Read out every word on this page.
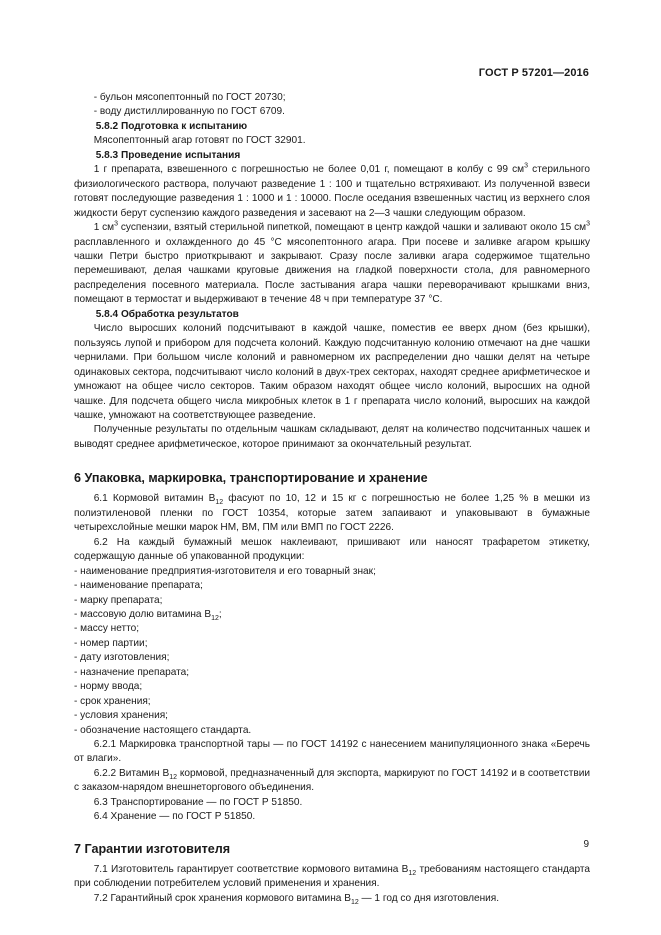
ГОСТ Р 57201—2016

- бульон мясопептонный по ГОСТ 20730;

- воду дистиллированную по ГОСТ 6709.

5.8.2 Подготовка к испытанию

Мясопептонный агар готовят по ГОСТ 32901.

5.8.3 Проведение испытания

1 г препарата, взвешенного с погрешностью не более 0,01 г, помещают в колбу с 99 $см^3$ стерильного физиологического раствора, получают разведение 1 : 100 и тщательно встряхивают. Из полученной взвеси готовят последующие разведения 1 : 1000 и 1 : 10000. После оседания взвешенных частиц из верхнего слоя жидкости берут суспензию каждого разведения и засевают на 2—3 чашки следующим образом.

1 $см^3$ суспензии, взятый стерильной пипеткой, помещают в центр каждой чашки и заливают около 15 $см^3$ расплавленного и охлажденного до 45 °С мясопептонного агара. При посеве и заливке агаром крышку чашки Петри быстро приоткрывают и закрывают. Сразу после заливки агара содержимое тщательно перемешивают, делая чашками круговые движения на гладкой поверхности стола, для равномерного распределения посевного материала. После застывания агара чашки переворачивают крышками вниз, помещают в термостат и выдерживают в течение 48 ч при температуре 37 °С.

5.8.4 Обработка результатов

Число выросших колоний подсчитывают в каждой чашке, поместив ее вверх дном (без крышки), пользуясь лупой и прибором для подсчета колоний. Каждую подсчитанную колонию отмечают на дне чашки чернилами. При большом числе колоний и равномерном их распределении дно чашки делят на четыре одинаковых сектора, подсчитывают число колоний в двух-трех секторах, находят среднее арифметическое и умножают на общее число секторов. Таким образом находят общее число колоний, выросших на одной чашке. Для подсчета общего числа микробных клеток в 1 г препарата число колоний, выросших на каждой чашке, умножают на соответствующее разведение.

Полученные результаты по отдельным чашкам складывают, делят на количество подсчитанных чашек и выводят среднее арифметическое, которое принимают за окончательный результат.

6 Упаковка, маркировка, транспортирование и хранение

6.1 Кормовой витамин $В_{12}$ фасуют по 10, 12 и 15 кг с погрешностью не более 1,25 % в мешки из полиэтиленовой пленки по ГОСТ 10354, которые затем запаивают и упаковывают в бумажные четырехслойные мешки марок НМ, ВМ, ПМ или ВМП по ГОСТ 2226.

6.2 На каждый бумажный мешок наклеивают, пришивают или наносят трафаретом этикетку, содержащую данные об упакованной продукции:

- наименование предприятия-изготовителя и его товарный знак;

- наименование препарата;

- марку препарата;

- массовую долю витамина $В_{12}$;

- массу нетто;

- номер партии;

- дату изготовления;

- назначение препарата;

- норму ввода;

- срок хранения;

- условия хранения;

- обозначение настоящего стандарта.

6.2.1 Маркировка транспортной тары — по ГОСТ 14192 с нанесением манипуляционного знака «Беречь от влаги».

6.2.2 Витамин $В_{12}$ кормовой, предназначенный для экспорта, маркируют по ГОСТ 14192 и в соответствии с заказом-нарядом внешнеторгового объединения.

6.3 Транспортирование — по ГОСТ Р 51850.

6.4 Хранение — по ГОСТ Р 51850.

7 Гарантии изготовителя

7.1 Изготовитель гарантирует соответствие кормового витамина $В_{12}$ требованиям настоящего стандарта при соблюдении потребителем условий применения и хранения.

7.2 Гарантийный срок хранения кормового витамина $В_{12}$ — 1 год со дня изготовления.

9
